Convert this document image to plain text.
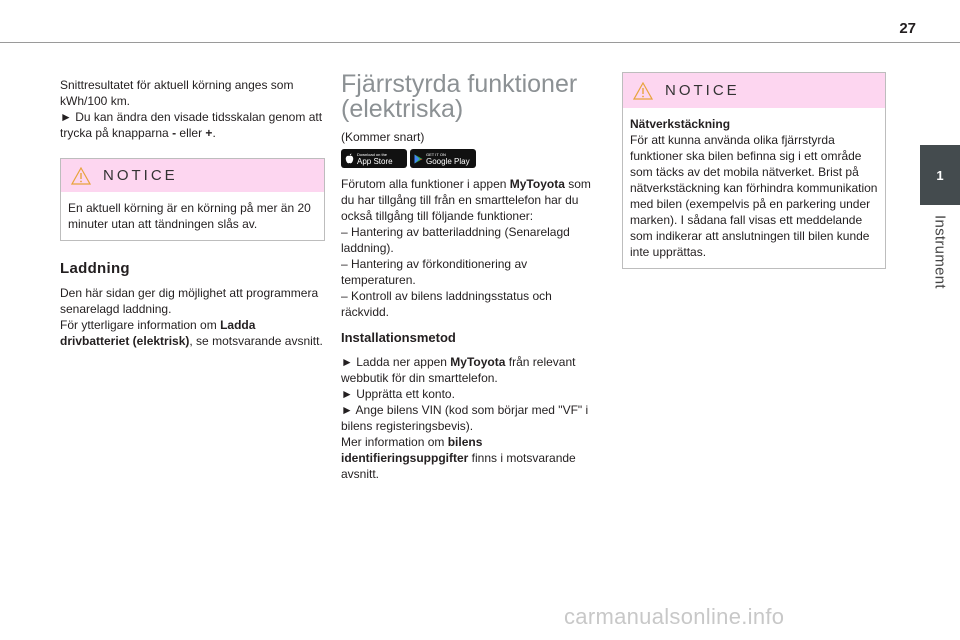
27
1
Instrument

Snittresultatet för aktuell körning anges som kWh/100 km.

► Du kan ändra den visade tidsskalan genom att trycka på knapparna - eller +.

NOTICE
En aktuell körning är en körning på mer än 20 minuter utan att tändningen slås av.
Laddning

Den här sidan ger dig möjlighet att programmera senarelagd laddning.

För ytterligare information om Ladda drivbatteriet (elektrisk), se motsvarande avsnitt.

Fjärrstyrda funktioner (elektriska)

(Kommer snart)

Download on the
App Store
GET IT ON
Google Play

Förutom alla funktioner i appen MyToyota som du har tillgång till från en smarttelefon har du också tillgång till följande funktioner:

– Hantering av batteriladdning (Senarelagd laddning).

– Hantering av förkonditionering av temperaturen.

– Kontroll av bilens laddningsstatus och räckvidd.

Installationsmetod

► Ladda ner appen MyToyota från relevant webbutik för din smarttelefon.

► Upprätta ett konto.

► Ange bilens VIN (kod som börjar med "VF" i bilens registeringsbevis).

Mer information om bilens identifieringsuppgifter finns i motsvarande avsnitt.

NOTICE
Nätverkstäckning
För att kunna använda olika fjärrstyrda funktioner ska bilen befinna sig i ett område som täcks av det mobila nätverket. Brist på nätverkstäckning kan förhindra kommunikation med bilen (exempelvis på en parkering under marken). I sådana fall visas ett meddelande som indikerar att anslutningen till bilen kunde inte upprättas.
carmanualsonline.info
